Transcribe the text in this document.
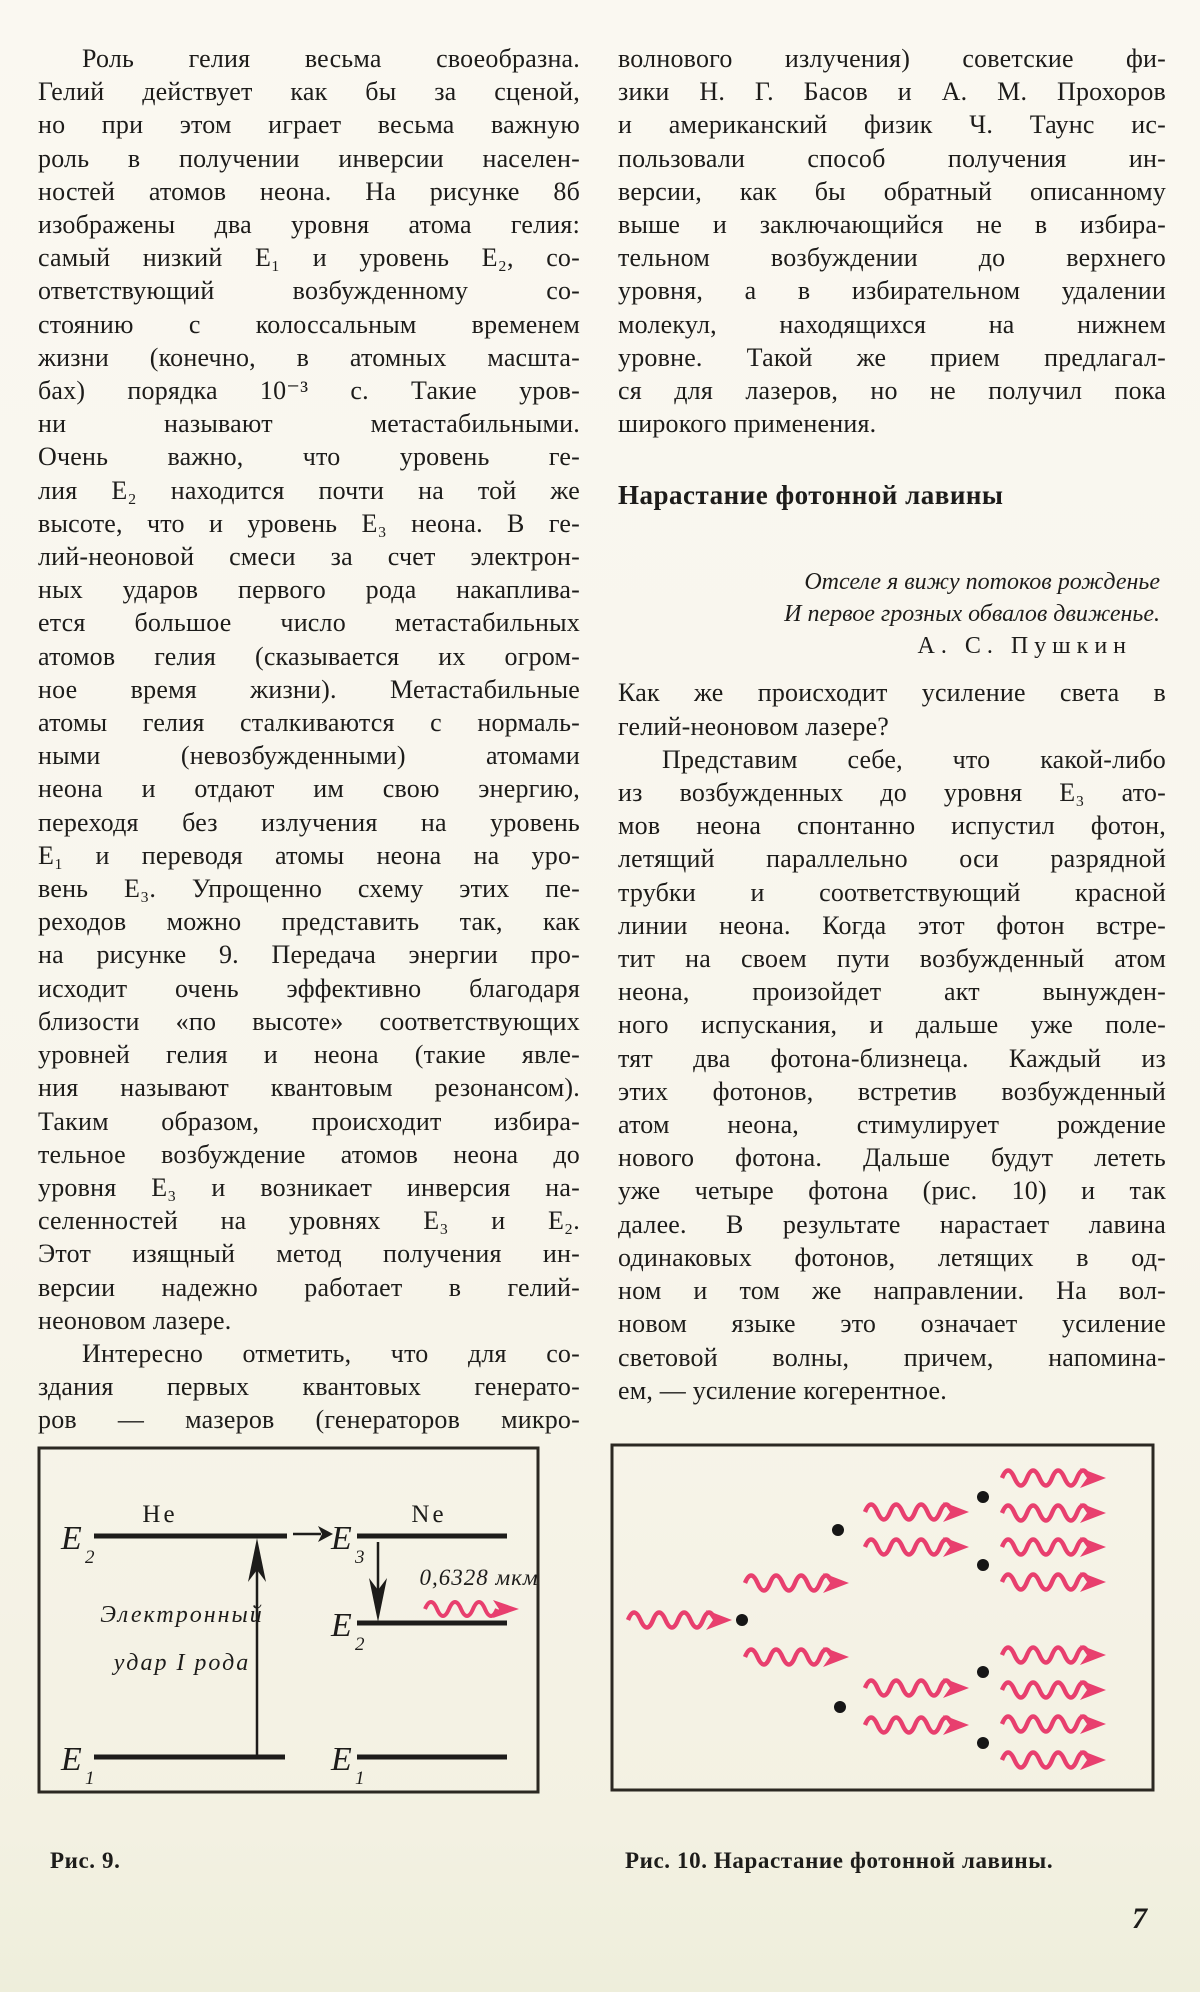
Роль гелия весьма своеобразна.
Гелий действует как бы за сценой,
но при этом играет весьма важную
роль в получении инверсии населен-
ностей атомов неона. На рисунке 8б
изображены два уровня атома гелия:
самый низкий E₁ и уровень E₂, со-
ответствующий возбужденному со-
стоянию с колоссальным временем
жизни (конечно, в атомных масшта-
бах) порядка 10⁻³ с. Такие уров-
ни называют метастабильными.
Очень важно, что уровень ге-
лия E₂ находится почти на той же
высоте, что и уровень E₃ неона. В ге-
лий-неоновой смеси за счет электрон-
ных ударов первого рода накаплива-
ется большое число метастабильных
атомов гелия (сказывается их огром-
ное время жизни). Метастабильные
атомы гелия сталкиваются с нормаль-
ными (невозбужденными) атомами
неона и отдают им свою энергию,
переходя без излучения на уровень
E₁ и переводя атомы неона на уро-
вень E₃. Упрощенно схему этих пе-
реходов можно представить так, как
на рисунке 9. Передача энергии про-
исходит очень эффективно благодаря
близости «по высоте» соответствующих
уровней гелия и неона (такие явле-
ния называют квантовым резонансом).
Таким образом, происходит избира-
тельное возбуждение атомов неона до
уровня E₃ и возникает инверсия на-
селенностей на уровнях E₃ и E₂.
Этот изящный метод получения ин-
версии надежно работает в гелий-
неоновом лазере.
Интересно отметить, что для со-
здания первых квантовых генерато-
ров — мазеров (генераторов микро-
волнового излучения) советские фи-
зики Н. Г. Басов и А. М. Прохоров
и американский физик Ч. Таунс ис-
пользовали способ получения ин-
версии, как бы обратный описанному
выше и заключающийся не в избира-
тельном возбуждении до верхнего
уровня, а в избирательном удалении
молекул, находящихся на нижнем
уровне. Такой же прием предлагал-
ся для лазеров, но не получил пока
широкого применения.
Нарастание фотонной лавины
Отселе я вижу потоков рожденье
И первое грозных обвалов движенье.
А. С. Пушкин
Как же происходит усиление света в
гелий-неоновом лазере?
Представим себе, что какой-либо
из возбужденных до уровня E₃ ато-
мов неона спонтанно испустил фотон,
летящий параллельно оси разрядной
трубки и соответствующий красной
линии неона. Когда этот фотон встре-
тит на своем пути возбужденный атом
неона, произойдет акт вынужден-
ного испускания, и дальше уже поле-
тят два фотона-близнеца. Каждый из
этих фотонов, встретив возбужденный
атом неона, стимулирует рождение
нового фотона. Дальше будут лететь
уже четыре фотона (рис. 10) и так
далее. В результате нарастает лавина
одинаковых фотонов, летящих в од-
ном и том же направлении. На вол-
новом языке это означает усиление
световой волны, причем, напомина-
ем, — усиление когерентное.
He
E
2
Электронный
удар I рода
Ne
E
3
0,6328 мкм
E
2
E
1
E
1
Рис. 9.	Рис. 10. Нарастание фотонной лавины.
7
